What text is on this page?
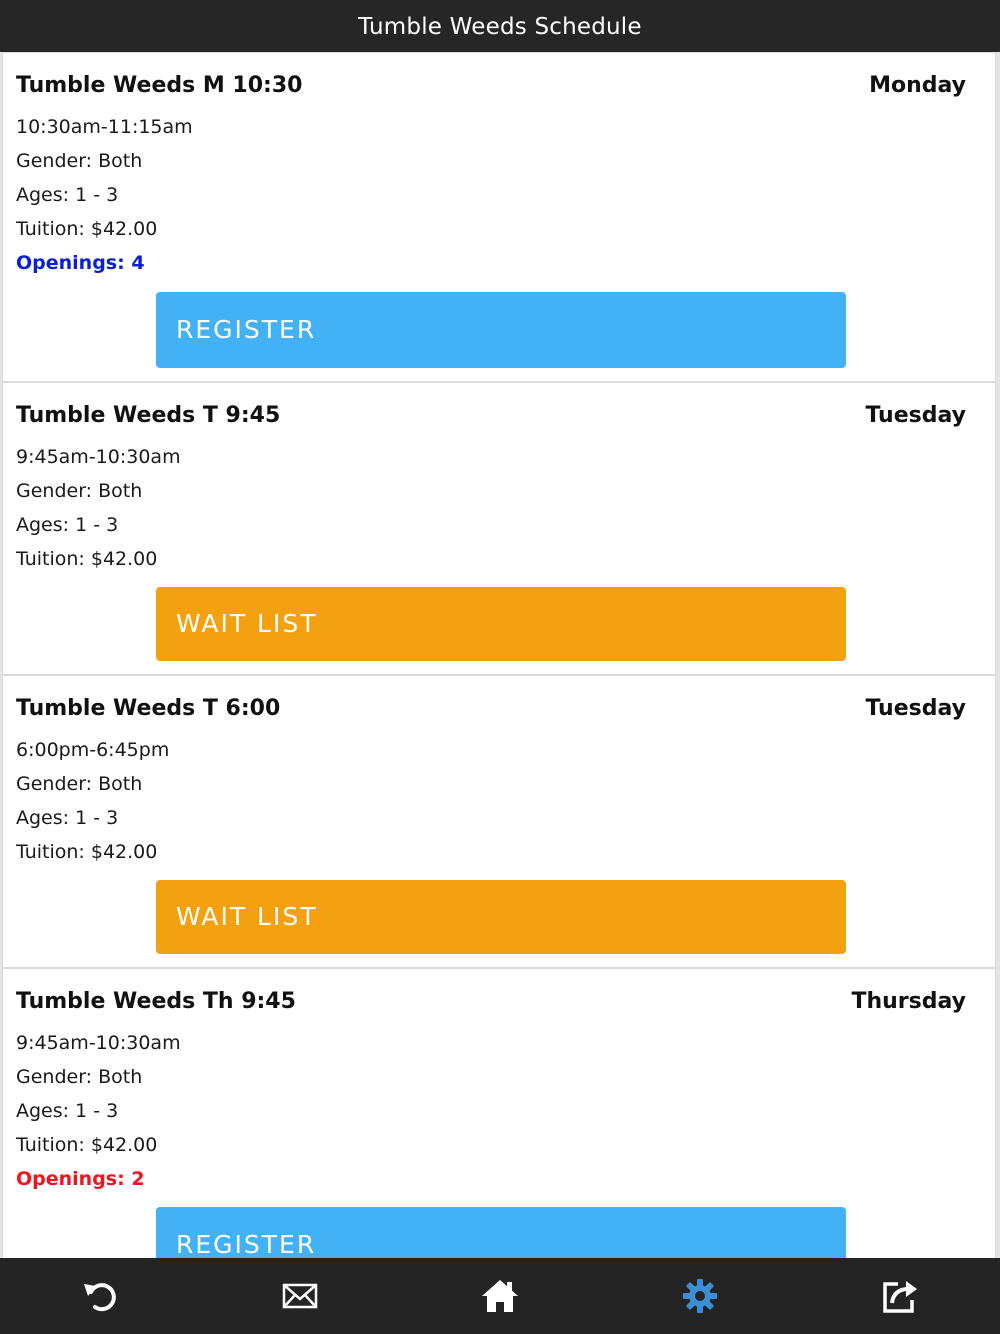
Tumble Weeds Schedule
Tumble Weeds M 10:30	Monday
10:30am-11:15am
Gender: Both
Ages: 1 - 3
Tuition: $42.00
Openings: 4
REGISTER
Tumble Weeds T 9:45	Tuesday
9:45am-10:30am
Gender: Both
Ages: 1 - 3
Tuition: $42.00
WAIT LIST
Tumble Weeds T 6:00	Tuesday
6:00pm-6:45pm
Gender: Both
Ages: 1 - 3
Tuition: $42.00
WAIT LIST
Tumble Weeds Th 9:45	Thursday
9:45am-10:30am
Gender: Both
Ages: 1 - 3
Tuition: $42.00
Openings: 2
REGISTER
